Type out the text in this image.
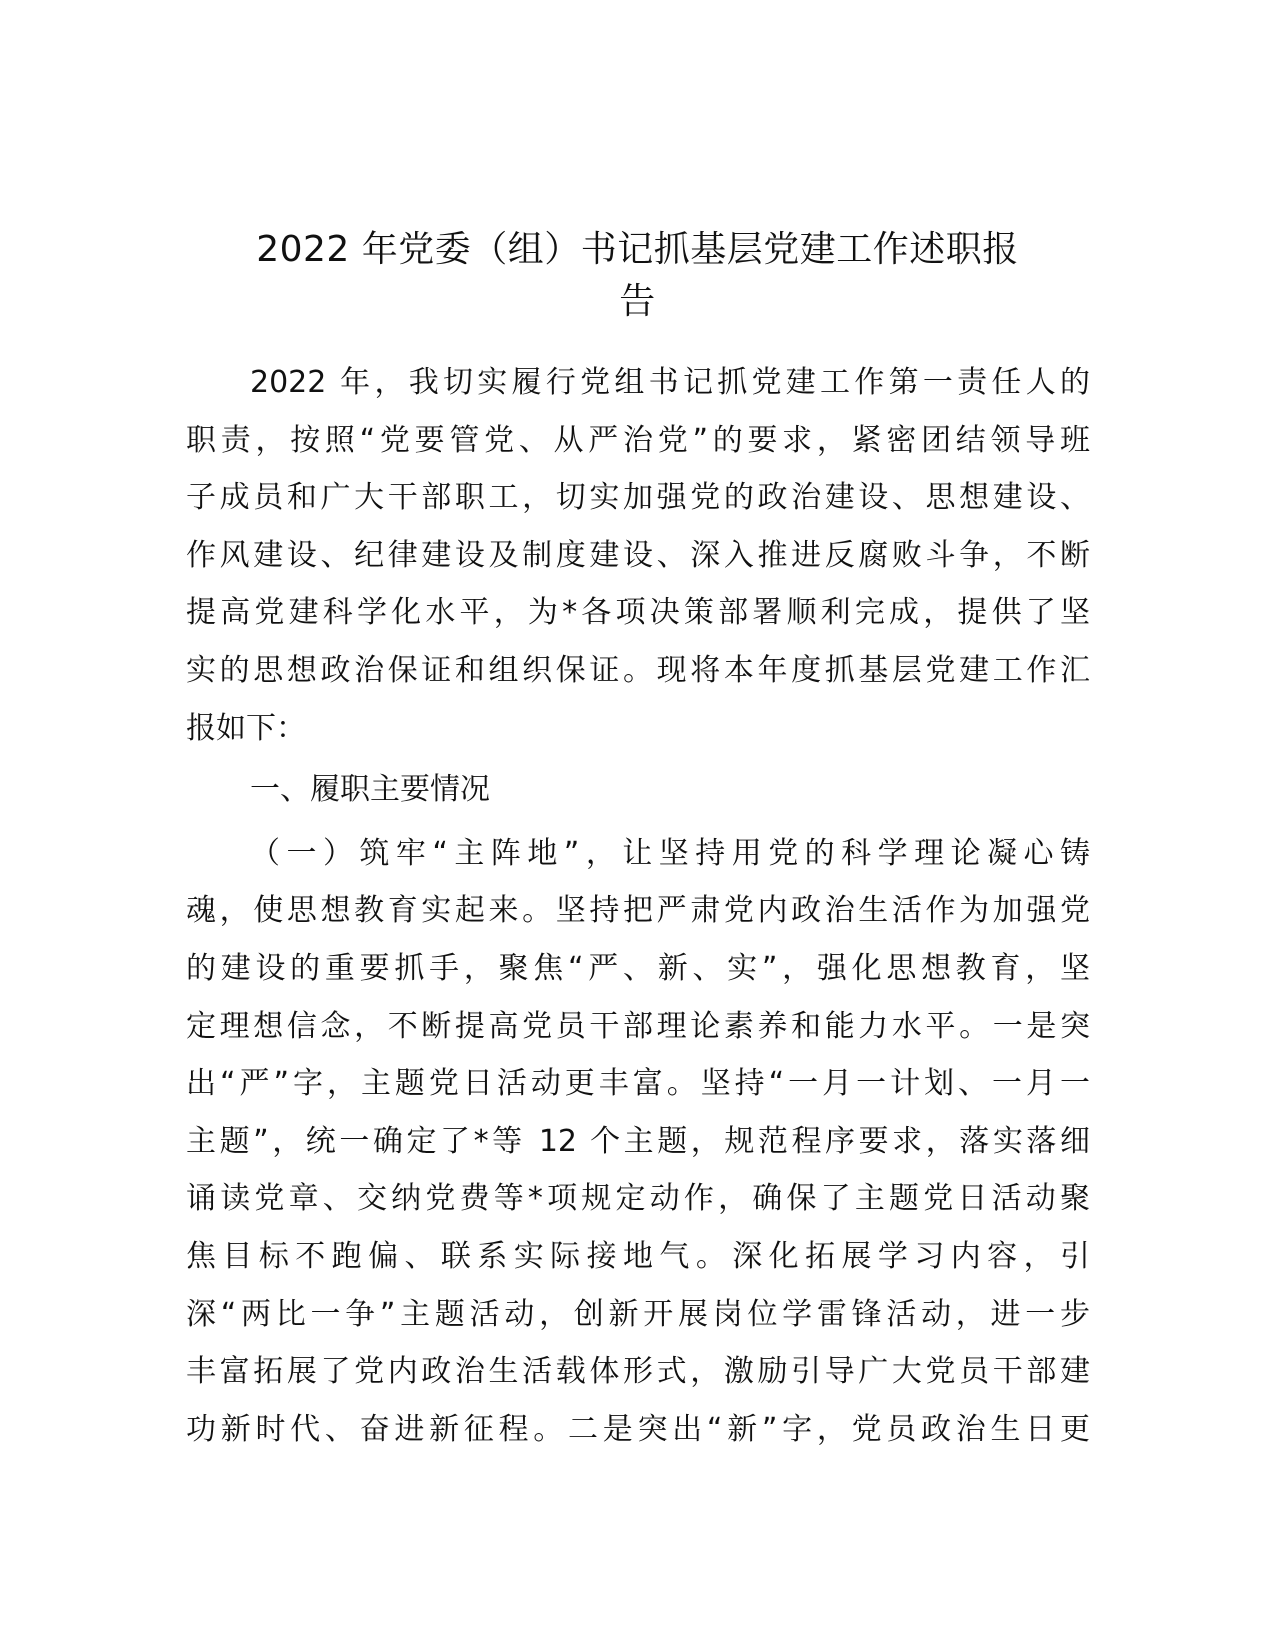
2022 年党委（组）书记抓基层党建工作述职报
告
2022 年，我切实履行党组书记抓党建工作第一责任人的
职责，按照“党要管党、从严治党”的要求，紧密团结领导班
子成员和广大干部职工，切实加强党的政治建设、思想建设、
作风建设、纪律建设及制度建设、深入推进反腐败斗争，不断
提高党建科学化水平，为*各项决策部署顺利完成，提供了坚
实的思想政治保证和组织保证。现将本年度抓基层党建工作汇
报如下：
一、履职主要情况
（一）筑牢“主阵地”，让坚持用党的科学理论凝心铸
魂，使思想教育实起来。坚持把严肃党内政治生活作为加强党
的建设的重要抓手，聚焦“严、新、实”，强化思想教育，坚
定理想信念，不断提高党员干部理论素养和能力水平。一是突
出“严”字，主题党日活动更丰富。坚持“一月一计划、一月一
主题”，统一确定了*等 12 个主题，规范程序要求，落实落细
诵读党章、交纳党费等*项规定动作，确保了主题党日活动聚
焦目标不跑偏、联系实际接地气。深化拓展学习内容，引
深“两比一争”主题活动，创新开展岗位学雷锋活动，进一步
丰富拓展了党内政治生活载体形式，激励引导广大党员干部建
功新时代、奋进新征程。二是突出“新”字，党员政治生日更
